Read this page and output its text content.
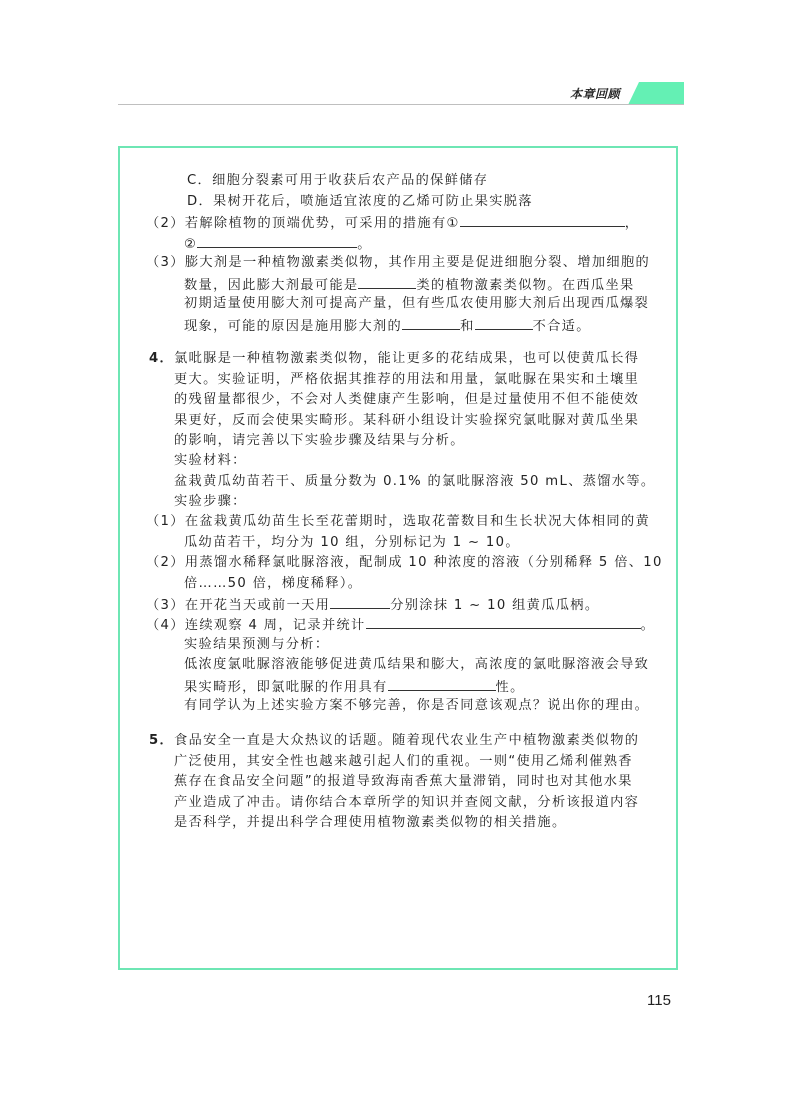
本章回顾
C．细胞分裂素可用于收获后农产品的保鲜储存
D．果树开花后，喷施适宜浓度的乙烯可防止果实脱落
（2）若解除植物的顶端优势，可采用的措施有①	，
②	。
（3）膨大剂是一种植物激素类似物，其作用主要是促进细胞分裂、增加细胞的
数量，因此膨大剂最可能是	类的植物激素类似物。在西瓜坐果
初期适量使用膨大剂可提高产量，但有些瓜农使用膨大剂后出现西瓜爆裂
现象，可能的原因是施用膨大剂的	和	不合适。
4．氯吡脲是一种植物激素类似物，能让更多的花结成果，也可以使黄瓜长得
更大。实验证明，严格依据其推荐的用法和用量，氯吡脲在果实和土壤里
的残留量都很少，不会对人类健康产生影响，但是过量使用不但不能使效
果更好，反而会使果实畸形。某科研小组设计实验探究氯吡脲对黄瓜坐果
的影响，请完善以下实验步骤及结果与分析。
实验材料：
盆栽黄瓜幼苗若干、质量分数为 0.1% 的氯吡脲溶液 50 mL、蒸馏水等。
实验步骤：
（1）在盆栽黄瓜幼苗生长至花蕾期时，选取花蕾数目和生长状况大体相同的黄
瓜幼苗若干，均分为 10 组，分别标记为 1 ~ 10。
（2）用蒸馏水稀释氯吡脲溶液，配制成 10 种浓度的溶液（分别稀释 5 倍、10
倍……50 倍，梯度稀释）。
（3）在开花当天或前一天用	分别涂抹 1 ~ 10 组黄瓜瓜柄。
（4）连续观察 4 周，记录并统计	。
实验结果预测与分析：
低浓度氯吡脲溶液能够促进黄瓜结果和膨大，高浓度的氯吡脲溶液会导致
果实畸形，即氯吡脲的作用具有	性。
有同学认为上述实验方案不够完善，你是否同意该观点？说出你的理由。
5．食品安全一直是大众热议的话题。随着现代农业生产中植物激素类似物的
广泛使用，其安全性也越来越引起人们的重视。一则“使用乙烯利催熟香
蕉存在食品安全问题”的报道导致海南香蕉大量滞销，同时也对其他水果
产业造成了冲击。请你结合本章所学的知识并查阅文献，分析该报道内容
是否科学，并提出科学合理使用植物激素类似物的相关措施。
115
